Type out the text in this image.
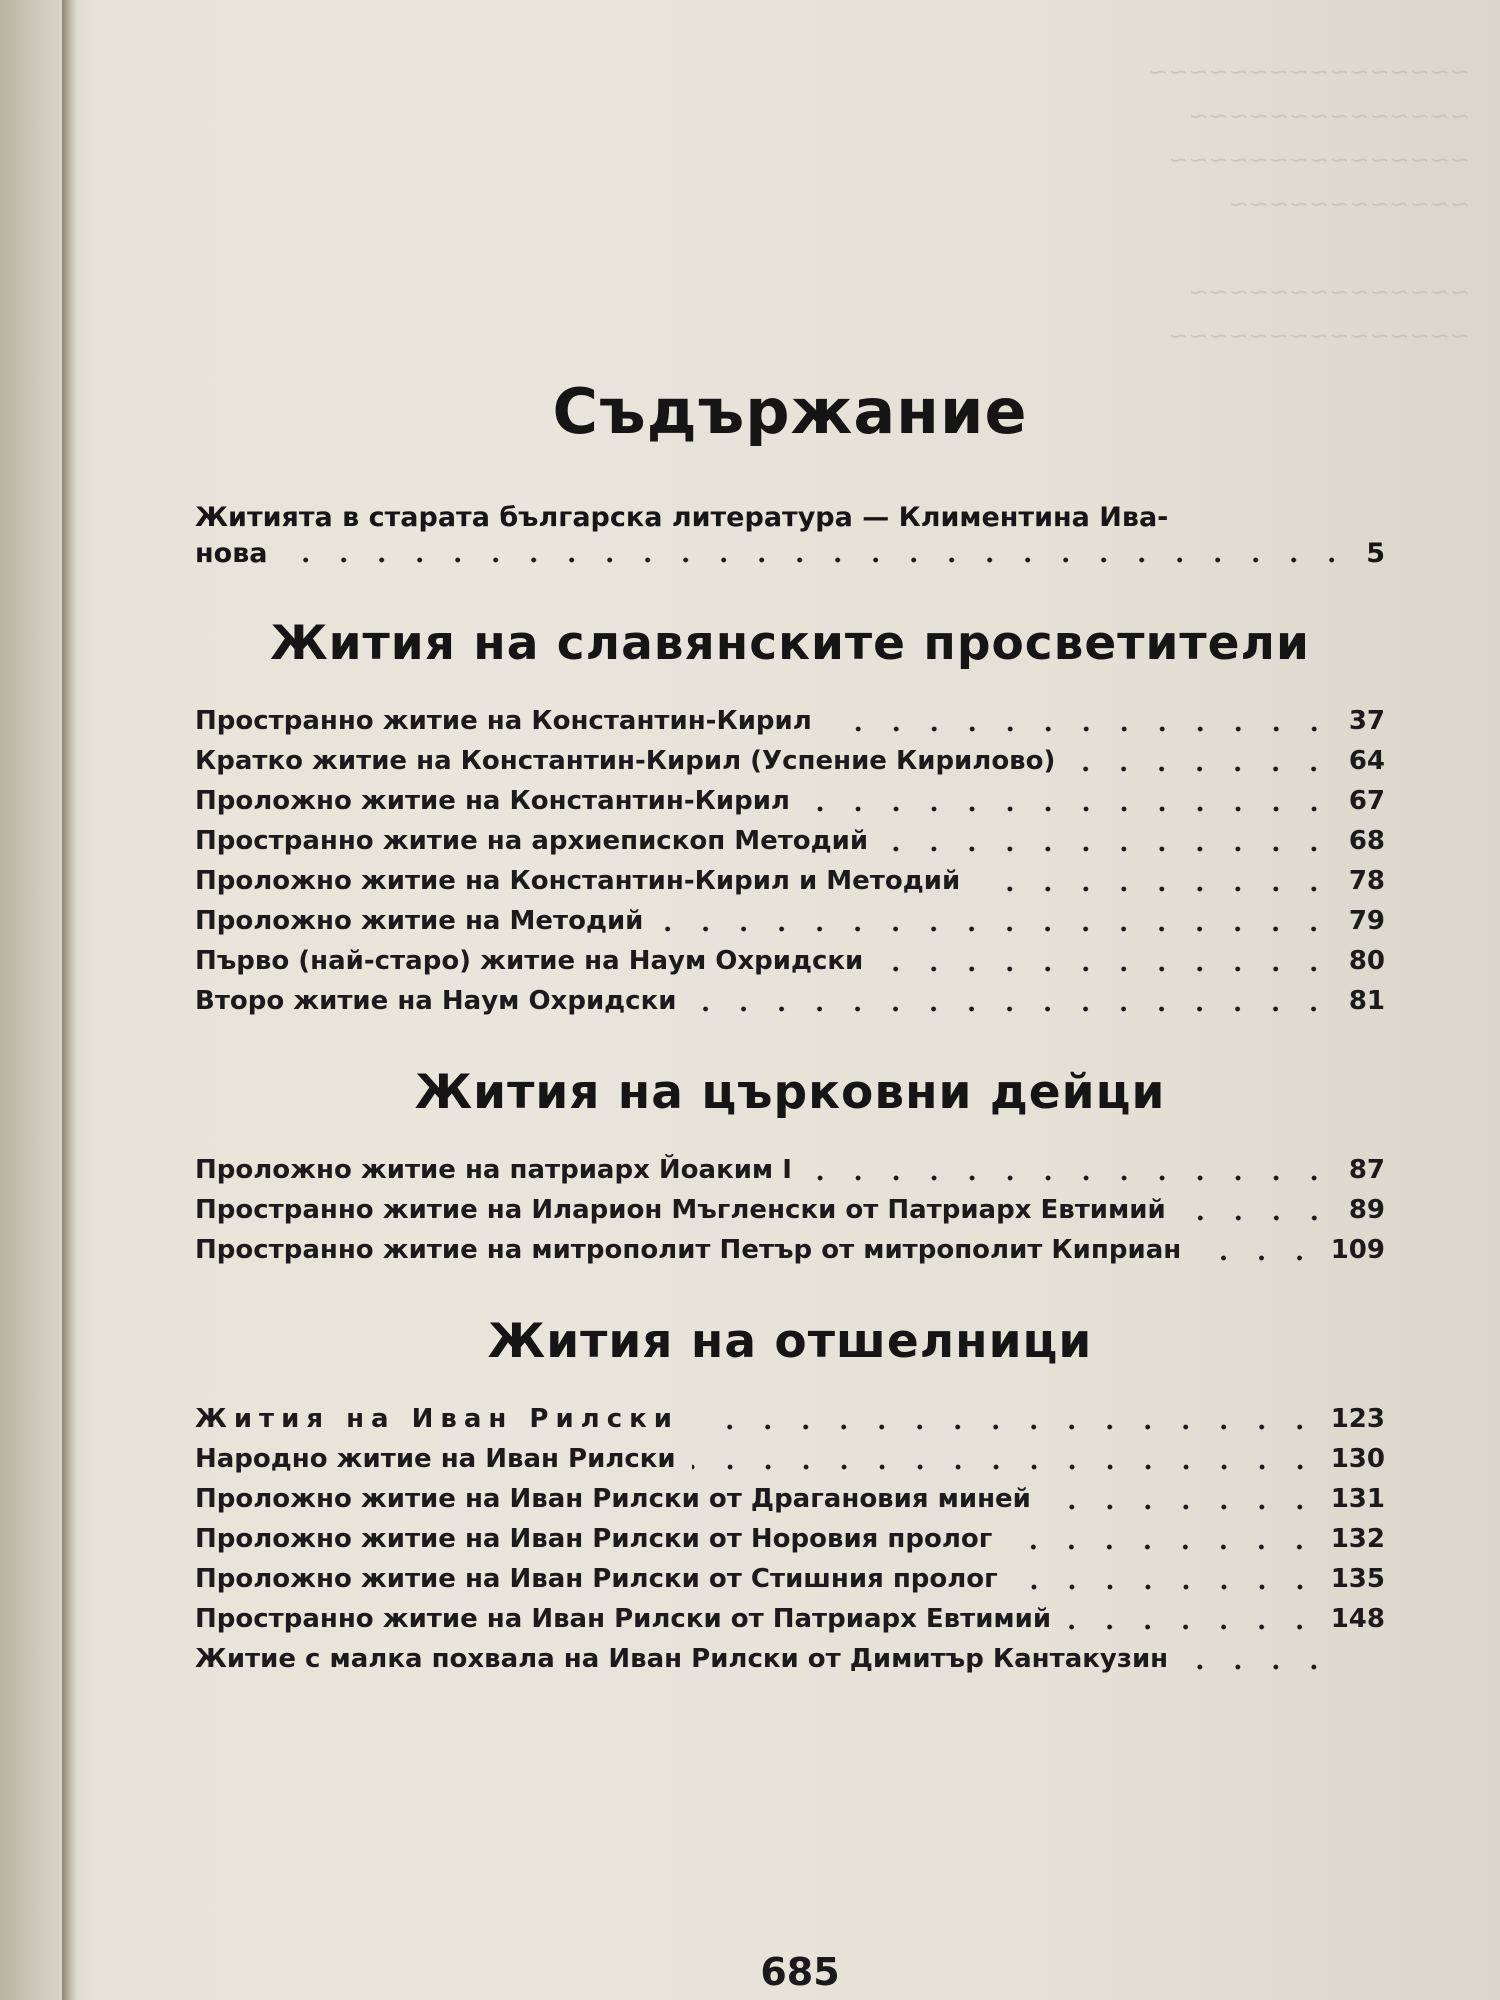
~~~~~~~~~~~~~~~~
~~~~~~~~~~~~~~
~~~~~~~~~~~~~~~
~~~~~~~~~~~~

~~~~~~~~~~~~~~
~~~~~~~~~~~~~~~
Съдържание
Житията в старата българска литература — Климентина Ива-
нова	5
Жития на славянските просветители
Пространно житие на Константин-Кирил	37
Кратко житие на Константин-Кирил (Успение Кирилово)	64
Проложно житие на Константин-Кирил	67
Пространно житие на архиепископ Методий	68
Проложно житие на Константин-Кирил и Методий	78
Проложно житие на Методий	79
Първо (най-старо) житие на Наум Охридски	80
Второ житие на Наум Охридски	81
Жития на църковни дейци
Проложно житие на патриарх Йоаким I	87
Пространно житие на Иларион Мъгленски от Патриарх Евтимий	89
Пространно житие на митрополит Петър от митрополит Киприан	109
Жития на отшелници
Жития на Иван Рилски	123
Народно житие на Иван Рилски	130
Проложно житие на Иван Рилски от Драгановия миней	131
Проложно житие на Иван Рилски от Норовия пролог	132
Проложно житие на Иван Рилски от Стишния пролог	135
Пространно житие на Иван Рилски от Патриарх Евтимий	148
Житие с малка похвала на Иван Рилски от Димитър Кантакузин
685
